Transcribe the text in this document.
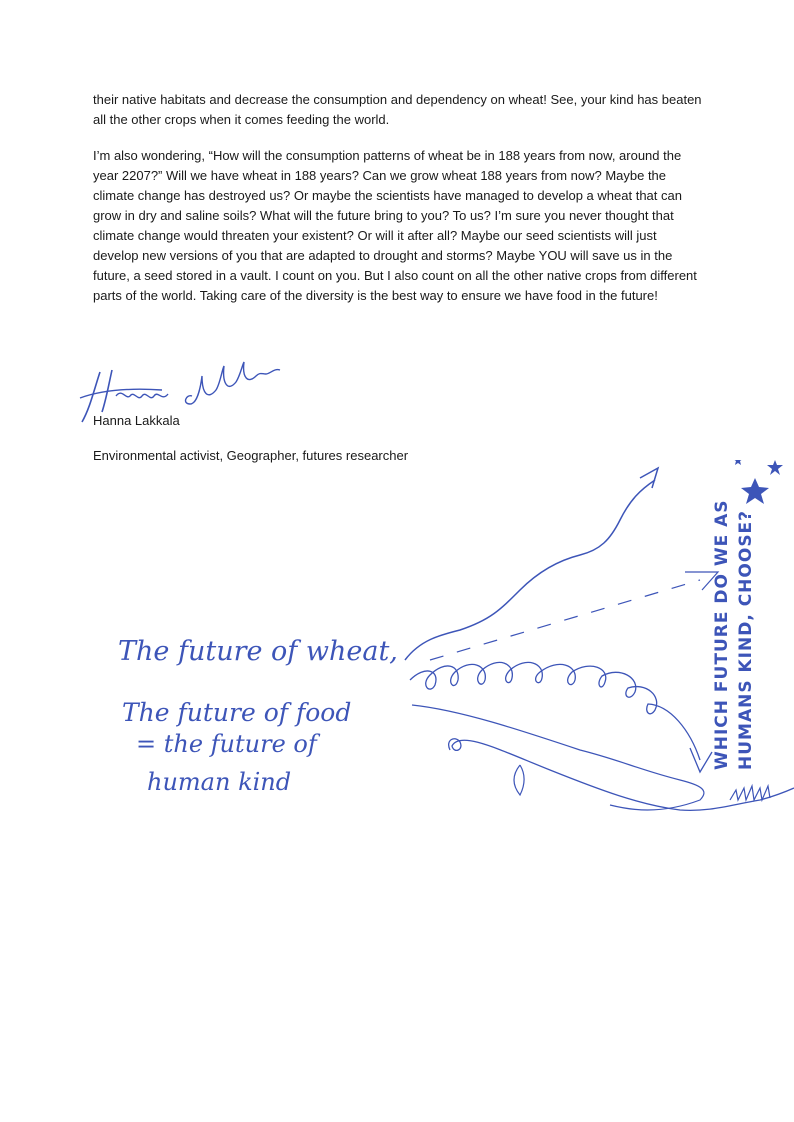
their native habitats and decrease the consumption and dependency on wheat! See, your kind has beaten all the other crops when it comes feeding the world.
I’m also wondering, “How will the consumption patterns of wheat be in 188 years from now, around the year 2207?” Will we have wheat in 188 years? Can we grow wheat 188 years from now? Maybe the climate change has destroyed us? Or maybe the scientists have managed to develop a wheat that can grow in dry and saline soils? What will the future bring to you? To us? I’m sure you never thought that climate change would threaten your existent? Or will it after all? Maybe our seed scientists will just develop new versions of you that are adapted to drought and storms? Maybe YOU will save us in the future, a seed stored in a vault. I count on you. But I also count on all the other native crops from different parts of the world. Taking care of the diversity is the best way to ensure we have food in the future!
Hanna Lakkala
Environmental activist, Geographer, futures researcher
The future of wheat,
The future of food
= the future of
human kind
WHICH FUTURE DO WE AS HUMANS KIND, CHOOSE?
